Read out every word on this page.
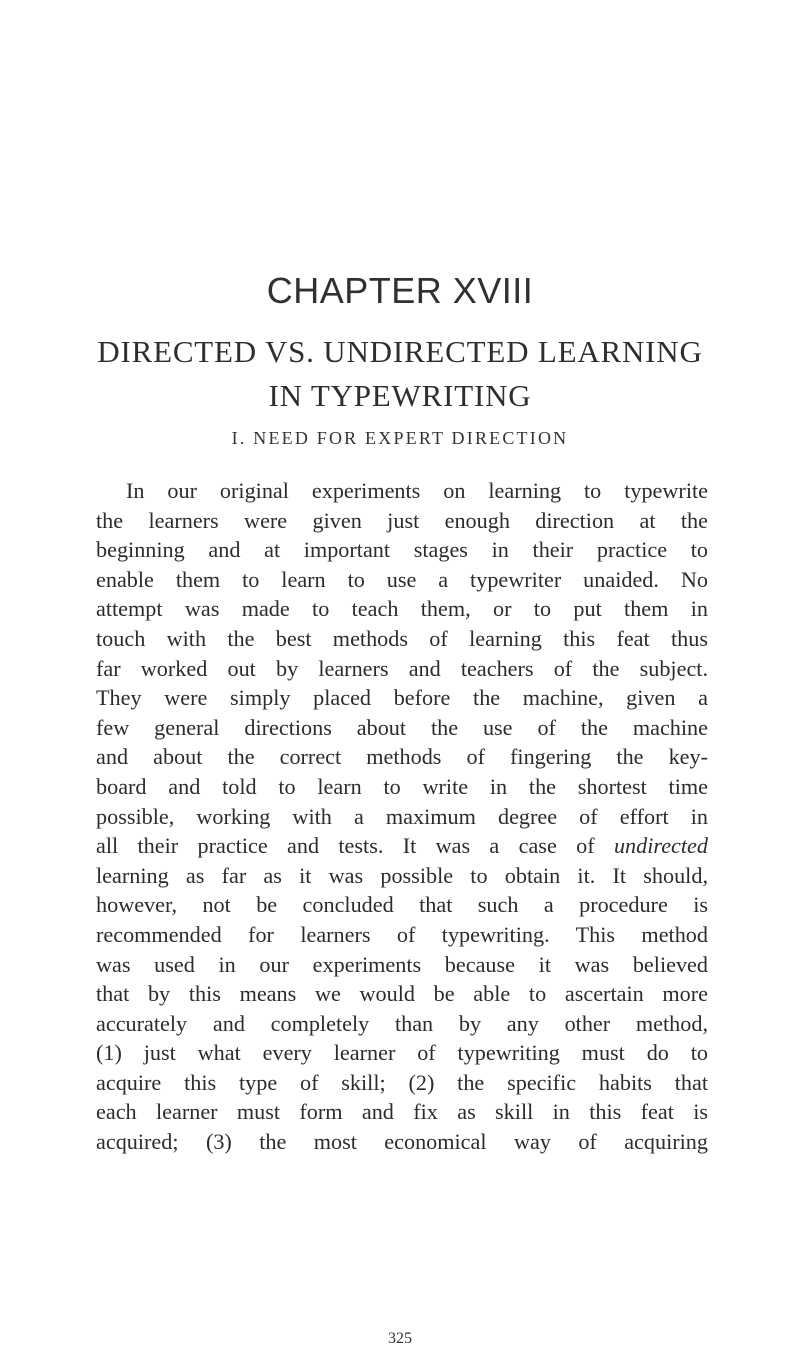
CHAPTER XVIII
DIRECTED VS. UNDIRECTED LEARNING
IN TYPEWRITING
I. NEED FOR EXPERT DIRECTION
In our original experiments on learning to typewrite
the learners were given just enough direction at the
beginning and at important stages in their practice to
enable them to learn to use a typewriter unaided. No
attempt was made to teach them, or to put them in
touch with the best methods of learning this feat thus
far worked out by learners and teachers of the subject.
They were simply placed before the machine, given a
few general directions about the use of the machine
and about the correct methods of fingering the key-
board and told to learn to write in the shortest time
possible, working with a maximum degree of effort in
all their practice and tests. It was a case of undirected
learning as far as it was possible to obtain it. It should,
however, not be concluded that such a procedure is
recommended for learners of typewriting. This method
was used in our experiments because it was believed
that by this means we would be able to ascertain more
accurately and completely than by any other method,
(1) just what every learner of typewriting must do to
acquire this type of skill; (2) the specific habits that
each learner must form and fix as skill in this feat is
acquired; (3) the most economical way of acquiring
325
